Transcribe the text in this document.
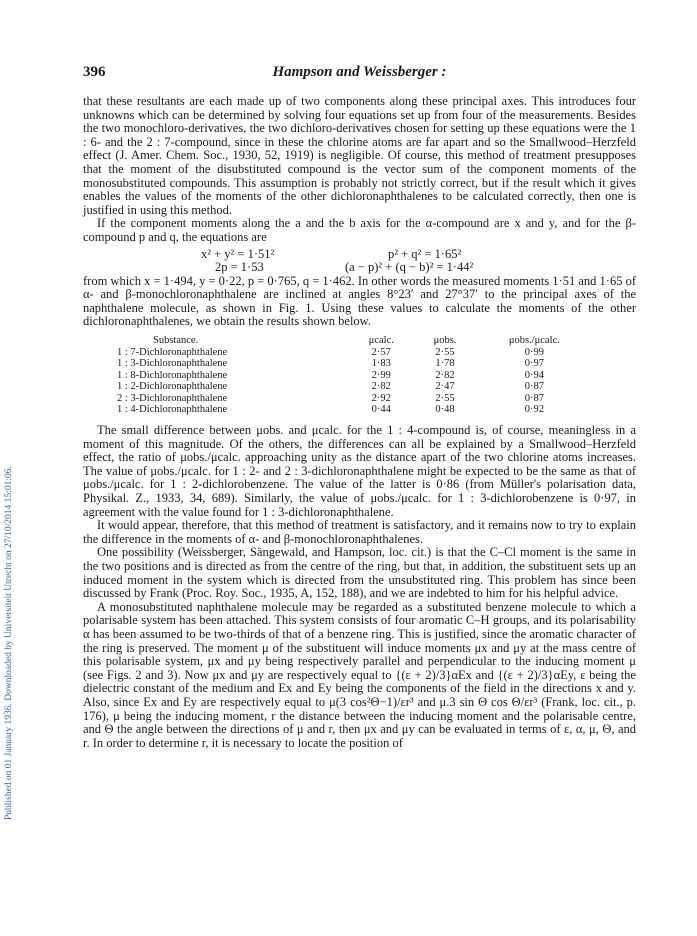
Published on 01 January 1936. Downloaded by Universiteit Utrecht on 27/10/2014 15:01:06.
396	Hampson and Weissberger :

that these resultants are each made up of two components along these principal axes. This introduces four unknowns which can be determined by solving four equations set up from four of the measurements. Besides the two monochloro-derivatives, the two dichloro-derivatives chosen for setting up these equations were the 1 : 6- and the 2 : 7-compound, since in these the chlorine atoms are far apart and so the Smallwood–Herzfeld effect (J. Amer. Chem. Soc., 1930, 52, 1919) is negligible. Of course, this method of treatment presupposes that the moment of the disubstituted compound is the vector sum of the component moments of the monosubstituted compounds. This assumption is probably not strictly correct, but if the result which it gives enables the values of the moments of the other dichloronaphthalenes to be calculated correctly, then one is justified in using this method.

If the component moments along the a and the b axis for the α-compound are x and y, and for the β-compound p and q, the equations are

x² + y² = 1·51²	p² + q² = 1·65²
2p = 1·53	(a − p)² + (q − b)² = 1·44²

from which x = 1·494, y = 0·22, p = 0·765, q = 1·462. In other words the measured moments 1·51 and 1·65 of α- and β-monochloronaphthalene are inclined at angles 8°23′ and 27°37′ to the principal axes of the naphthalene molecule, as shown in Fig. 1. Using these values to calculate the moments of the other dichloronaphthalenes, we obtain the results shown below.

Substance.	μcalc.	μobs.	μobs./μcalc.
1 : 7-Dichloronaphthalene	2·57	2·55	0·99
1 : 3-Dichloronaphthalene	1·83	1·78	0·97
1 : 8-Dichloronaphthalene	2·99	2·82	0·94
1 : 2-Dichloronaphthalene	2·82	2·47	0·87
2 : 3-Dichloronaphthalene	2·92	2·55	0·87
1 : 4-Dichloronaphthalene	0·44	0·48	0·92

The small difference between μobs. and μcalc. for the 1 : 4-compound is, of course, meaningless in a moment of this magnitude. Of the others, the differences can all be explained by a Smallwood–Herzfeld effect, the ratio of μobs./μcalc. approaching unity as the distance apart of the two chlorine atoms increases. The value of μobs./μcalc. for 1 : 2- and 2 : 3-dichloronaphthalene might be expected to be the same as that of μobs./μcalc. for 1 : 2-dichlorobenzene. The value of the latter is 0·86 (from Müller's polarisation data, Physikal. Z., 1933, 34, 689). Similarly, the value of μobs./μcalc. for 1 : 3-dichlorobenzene is 0·97, in agreement with the value found for 1 : 3-dichloronaphthalene.

It would appear, therefore, that this method of treatment is satisfactory, and it remains now to try to explain the difference in the moments of α- and β-monochloronaphthalenes.

One possibility (Weissberger, Sängewald, and Hampson, loc. cit.) is that the C–Cl moment is the same in the two positions and is directed as from the centre of the ring, but that, in addition, the substituent sets up an induced moment in the system which is directed from the unsubstituted ring. This problem has since been discussed by Frank (Proc. Roy. Soc., 1935, A, 152, 188), and we are indebted to him for his helpful advice.

A monosubstituted naphthalene molecule may be regarded as a substituted benzene molecule to which a polarisable system has been attached. This system consists of four aromatic C–H groups, and its polarisability α has been assumed to be two-thirds of that of a benzene ring. This is justified, since the aromatic character of the ring is preserved. The moment μ of the substituent will induce moments μx and μy at the mass centre of this polarisable system, μx and μy being respectively parallel and perpendicular to the inducing moment μ (see Figs. 2 and 3). Now μx and μy are respectively equal to {(ε + 2)/3}αEx and {(ε + 2)/3}αEy, ε being the dielectric constant of the medium and Ex and Ey being the components of the field in the directions x and y. Also, since Ex and Ey are respectively equal to μ(3 cos²Θ−1)/εr³ and μ.3 sin Θ cos Θ/εr³ (Frank, loc. cit., p. 176), μ being the inducing moment, r the distance between the inducing moment and the polarisable centre, and Θ the angle between the directions of μ and r, then μx and μy can be evaluated in terms of ε, α, μ, Θ, and r. In order to determine r, it is necessary to locate the position of
